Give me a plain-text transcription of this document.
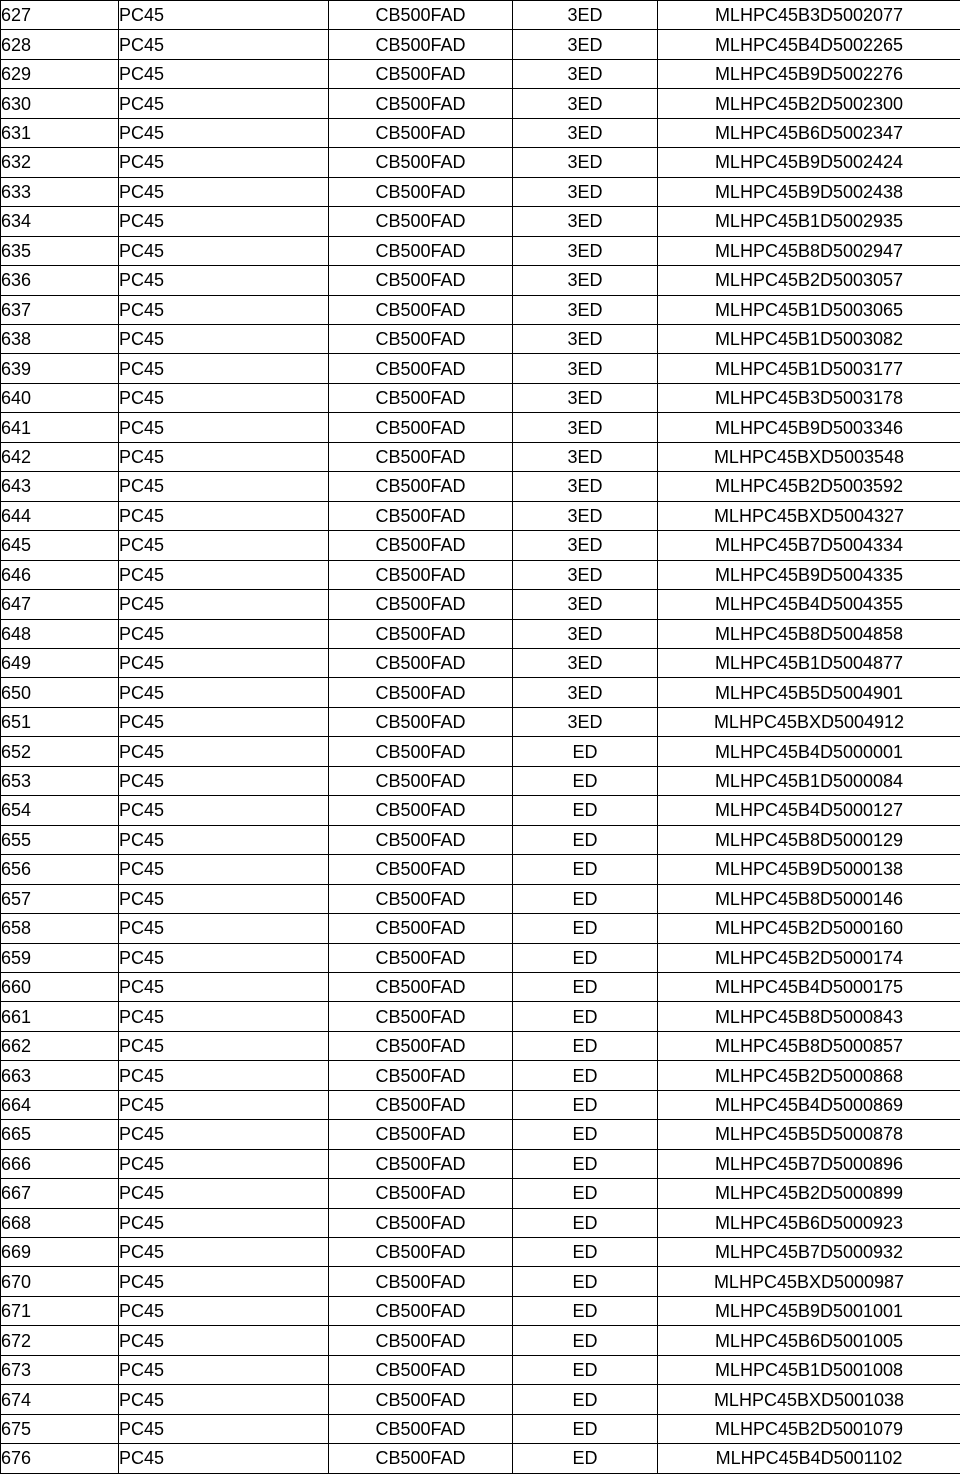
627	PC45	CB500FAD	3ED	MLHPC45B3D5002077
628	PC45	CB500FAD	3ED	MLHPC45B4D5002265
629	PC45	CB500FAD	3ED	MLHPC45B9D5002276
630	PC45	CB500FAD	3ED	MLHPC45B2D5002300
631	PC45	CB500FAD	3ED	MLHPC45B6D5002347
632	PC45	CB500FAD	3ED	MLHPC45B9D5002424
633	PC45	CB500FAD	3ED	MLHPC45B9D5002438
634	PC45	CB500FAD	3ED	MLHPC45B1D5002935
635	PC45	CB500FAD	3ED	MLHPC45B8D5002947
636	PC45	CB500FAD	3ED	MLHPC45B2D5003057
637	PC45	CB500FAD	3ED	MLHPC45B1D5003065
638	PC45	CB500FAD	3ED	MLHPC45B1D5003082
639	PC45	CB500FAD	3ED	MLHPC45B1D5003177
640	PC45	CB500FAD	3ED	MLHPC45B3D5003178
641	PC45	CB500FAD	3ED	MLHPC45B9D5003346
642	PC45	CB500FAD	3ED	MLHPC45BXD5003548
643	PC45	CB500FAD	3ED	MLHPC45B2D5003592
644	PC45	CB500FAD	3ED	MLHPC45BXD5004327
645	PC45	CB500FAD	3ED	MLHPC45B7D5004334
646	PC45	CB500FAD	3ED	MLHPC45B9D5004335
647	PC45	CB500FAD	3ED	MLHPC45B4D5004355
648	PC45	CB500FAD	3ED	MLHPC45B8D5004858
649	PC45	CB500FAD	3ED	MLHPC45B1D5004877
650	PC45	CB500FAD	3ED	MLHPC45B5D5004901
651	PC45	CB500FAD	3ED	MLHPC45BXD5004912
652	PC45	CB500FAD	ED	MLHPC45B4D5000001
653	PC45	CB500FAD	ED	MLHPC45B1D5000084
654	PC45	CB500FAD	ED	MLHPC45B4D5000127
655	PC45	CB500FAD	ED	MLHPC45B8D5000129
656	PC45	CB500FAD	ED	MLHPC45B9D5000138
657	PC45	CB500FAD	ED	MLHPC45B8D5000146
658	PC45	CB500FAD	ED	MLHPC45B2D5000160
659	PC45	CB500FAD	ED	MLHPC45B2D5000174
660	PC45	CB500FAD	ED	MLHPC45B4D5000175
661	PC45	CB500FAD	ED	MLHPC45B8D5000843
662	PC45	CB500FAD	ED	MLHPC45B8D5000857
663	PC45	CB500FAD	ED	MLHPC45B2D5000868
664	PC45	CB500FAD	ED	MLHPC45B4D5000869
665	PC45	CB500FAD	ED	MLHPC45B5D5000878
666	PC45	CB500FAD	ED	MLHPC45B7D5000896
667	PC45	CB500FAD	ED	MLHPC45B2D5000899
668	PC45	CB500FAD	ED	MLHPC45B6D5000923
669	PC45	CB500FAD	ED	MLHPC45B7D5000932
670	PC45	CB500FAD	ED	MLHPC45BXD5000987
671	PC45	CB500FAD	ED	MLHPC45B9D5001001
672	PC45	CB500FAD	ED	MLHPC45B6D5001005
673	PC45	CB500FAD	ED	MLHPC45B1D5001008
674	PC45	CB500FAD	ED	MLHPC45BXD5001038
675	PC45	CB500FAD	ED	MLHPC45B2D5001079
676	PC45	CB500FAD	ED	MLHPC45B4D5001102
